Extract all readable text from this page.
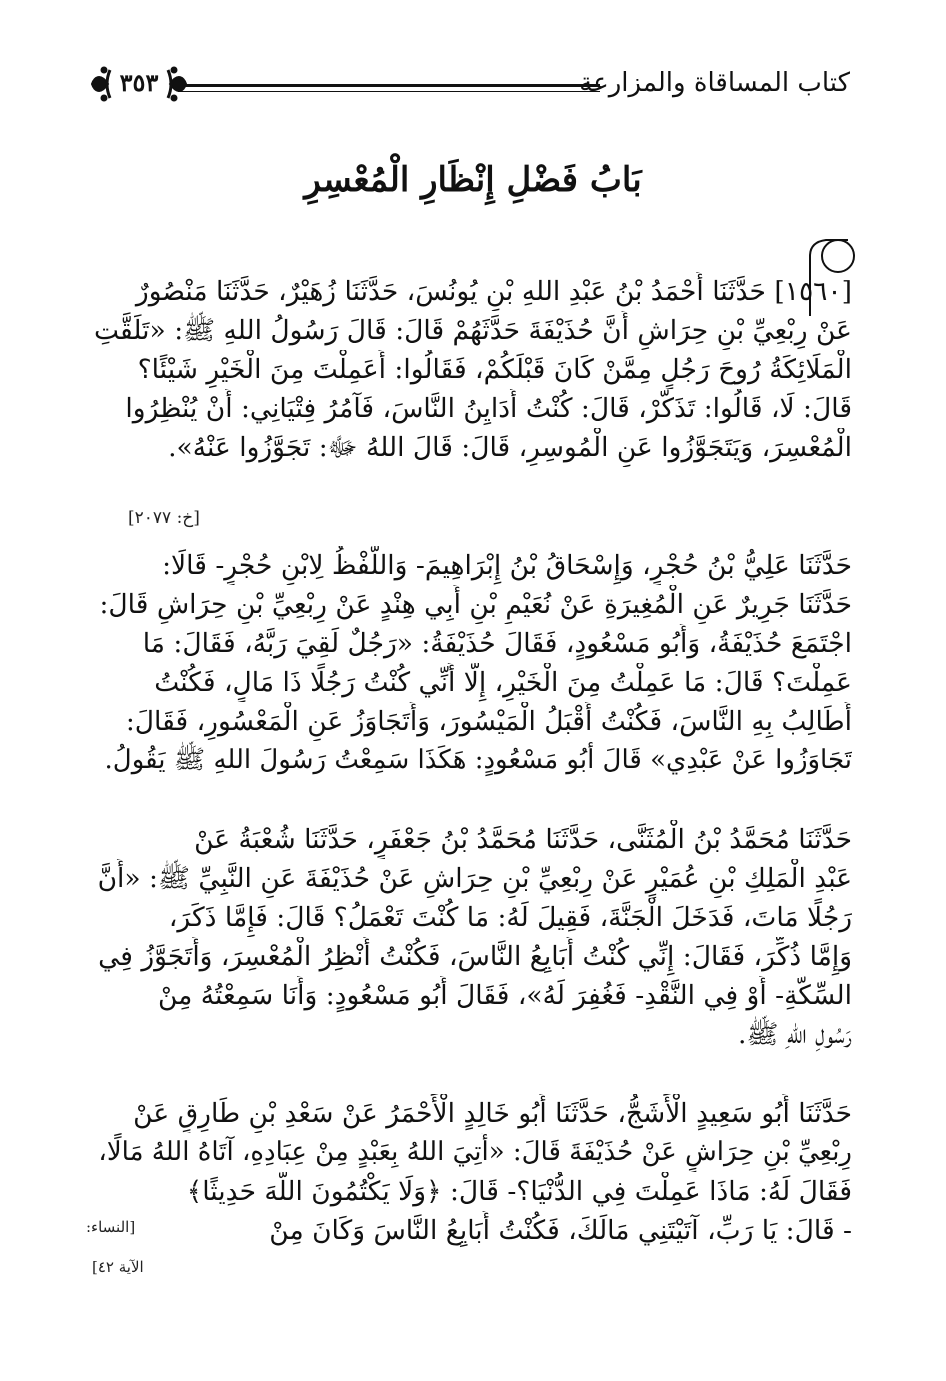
كتاب المساقاة والمزارعة
٣٥٣
بَابُ فَضْلِ إِنْظَارِ الْمُعْسِرِ
[١٥٦٠] حَدَّثَنَا أَحْمَدُ بْنُ عَبْدِ اللهِ بْنِ يُونُسَ، حَدَّثَنَا زُهَيْرٌ، حَدَّثَنَا مَنْصُورٌ
عَنْ رِبْعِيِّ بْنِ حِرَاشٍ أَنَّ حُذَيْفَةَ حَدَّثَهُمْ قَالَ: قَالَ رَسُولُ اللهِ ﷺ: «تَلَقَّتِ
الْمَلَائِكَةُ رُوحَ رَجُلٍ مِمَّنْ كَانَ قَبْلَكُمْ، فَقَالُوا: أَعَمِلْتَ مِنَ الْخَيْرِ شَيْئًا؟
قَالَ: لَا، قَالُوا: تَذَكَّرْ، قَالَ: كُنْتُ أُدَايِنُ النَّاسَ، فَآمُرُ فِتْيَانِي: أَنْ يُنْظِرُوا
الْمُعْسِرَ، وَيَتَجَوَّزُوا عَنِ الْمُوسِرِ، قَالَ: قَالَ اللهُ ﷻ: تَجَوَّزُوا عَنْهُ».
[خ: ٢٠٧٧]
حَدَّثَنَا عَلِيُّ بْنُ حُجْرٍ، وَإِسْحَاقُ بْنُ إِبْرَاهِيمَ- وَاللَّفْظُ لِابْنِ حُجْرٍ- قَالَا:
حَدَّثَنَا جَرِيرٌ عَنِ الْمُغِيرَةِ عَنْ نُعَيْمِ بْنِ أَبِي هِنْدٍ عَنْ رِبْعِيِّ بْنِ حِرَاشٍ قَالَ:
اجْتَمَعَ حُذَيْفَةُ، وَأَبُو مَسْعُودٍ، فَقَالَ حُذَيْفَةُ: «رَجُلٌ لَقِيَ رَبَّهُ، فَقَالَ: مَا
عَمِلْتَ؟ قَالَ: مَا عَمِلْتُ مِنَ الْخَيْرِ، إِلَّا أَنِّي كُنْتُ رَجُلًا ذَا مَالٍ، فَكُنْتُ
أُطَالِبُ بِهِ النَّاسَ، فَكُنْتُ أَقْبَلُ الْمَيْسُورَ، وَأَتَجَاوَزُ عَنِ الْمَعْسُورِ، فَقَالَ:
تَجَاوَزُوا عَنْ عَبْدِي» قَالَ أَبُو مَسْعُودٍ: هَكَذَا سَمِعْتُ رَسُولَ اللهِ ﷺ يَقُولُ.
حَدَّثَنَا مُحَمَّدُ بْنُ الْمُثَنَّى، حَدَّثَنَا مُحَمَّدُ بْنُ جَعْفَرٍ، حَدَّثَنَا شُعْبَةُ عَنْ
عَبْدِ الْمَلِكِ بْنِ عُمَيْرٍ عَنْ رِبْعِيِّ بْنِ حِرَاشٍ عَنْ حُذَيْفَةَ عَنِ النَّبِيِّ ﷺ: «أَنَّ
رَجُلًا مَاتَ، فَدَخَلَ الْجَنَّةَ، فَقِيلَ لَهُ: مَا كُنْتَ تَعْمَلُ؟ قَالَ: فَإِمَّا ذَكَرَ،
وَإِمَّا ذُكِّرَ، فَقَالَ: إِنِّي كُنْتُ أُبَايِعُ النَّاسَ، فَكُنْتُ أُنْظِرُ الْمُعْسِرَ، وَأَتَجَوَّزُ فِي
السِّكَّةِ- أَوْ فِي النَّقْدِ- فَغُفِرَ لَهُ»، فَقَالَ أَبُو مَسْعُودٍ: وَأَنَا سَمِعْتُهُ مِنْ
رَسُولِ اللهِ ﷺ.
حَدَّثَنَا أَبُو سَعِيدٍ الْأَشَجُّ، حَدَّثَنَا أَبُو خَالِدٍ الْأَحْمَرُ عَنْ سَعْدِ بْنِ طَارِقٍ عَنْ
رِبْعِيِّ بْنِ حِرَاشٍ عَنْ حُذَيْفَةَ قَالَ: «أُتِيَ اللهُ بِعَبْدٍ مِنْ عِبَادِهِ، آتَاهُ اللهُ مَالًا،
فَقَالَ لَهُ: مَاذَا عَمِلْتَ فِي الدُّنْيَا؟- قَالَ: ﴿وَلَا يَكْتُمُونَ اللَّهَ حَدِيثًا﴾
- قَالَ: يَا رَبِّ، آتَيْتَنِي مَالَكَ، فَكُنْتُ أُبَايِعُ النَّاسَ وَكَانَ مِنْ
[النساء:
الآية ٤٢]
